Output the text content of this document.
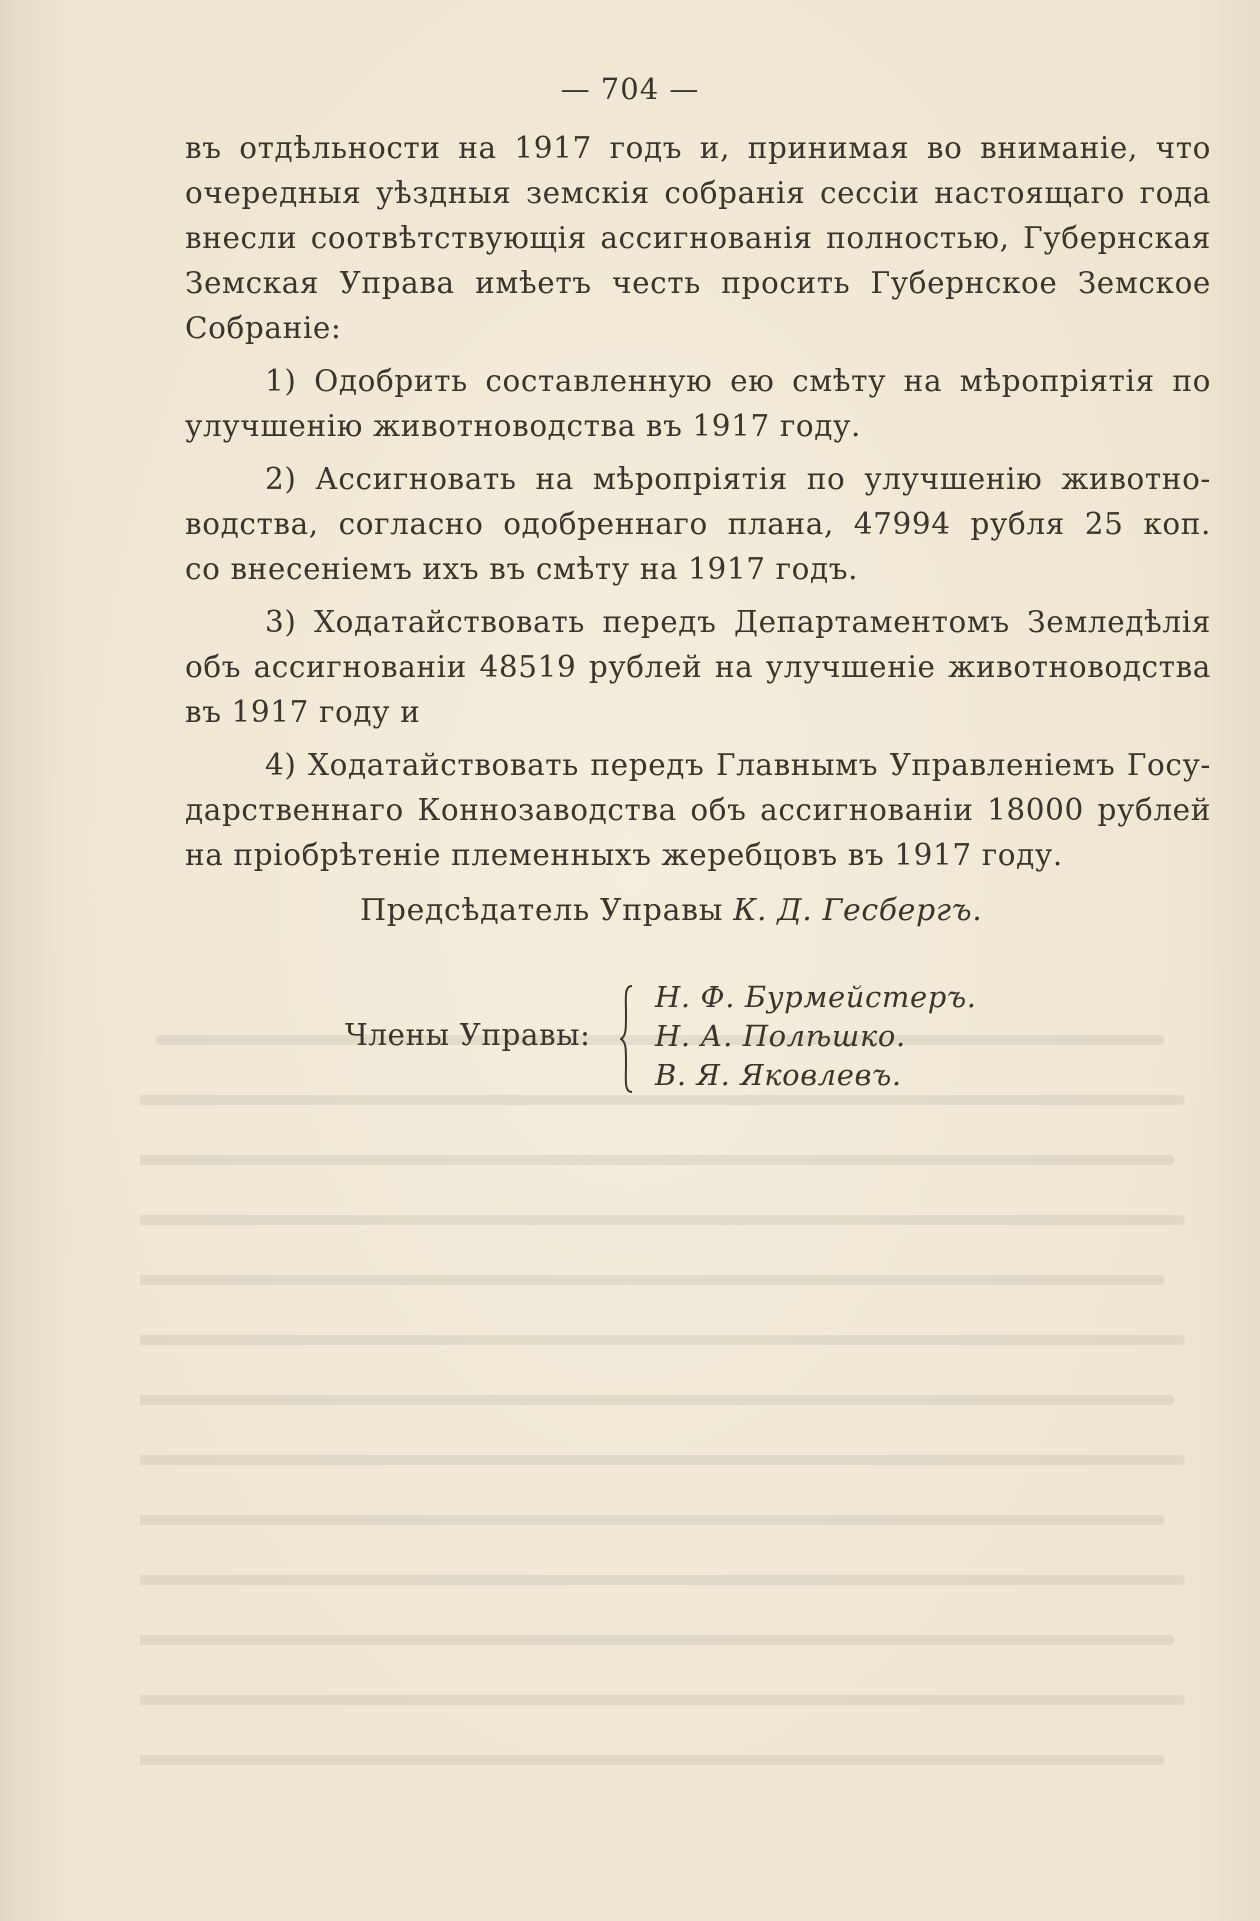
— 704 —
въ отдѣльности на 1917 годъ и, принимая во вниманіе, что
очередныя уѣздныя земскія собранія сессіи настоящаго года
внесли соотвѣтствующія ассигнованія полностью, Губернская
Земская Управа имѣетъ честь просить Губернское Земское
Собраніе:
1) Одобрить составленную ею смѣту на мѣропріятія по
улучшенію животноводства въ 1917 году.
2) Ассигновать на мѣропріятія по улучшенію животно-
водства, согласно одобреннаго плана, 47994 рубля 25 коп.
со внесеніемъ ихъ въ смѣту на 1917 годъ.
3) Ходатайствовать передъ Департаментомъ Земледѣлія
объ ассигнованіи 48519 рублей на улучшеніе животноводства
въ 1917 году и
4) Ходатайствовать передъ Главнымъ Управленіемъ Госу-
дарственнаго Коннозаводства объ ассигнованіи 18000 рублей
на пріобрѣтеніе племенныхъ жеребцовъ въ 1917 году.
Предсѣдатель Управы К. Д. Гесбергъ.
Члены Управы:
Н. Ф. Бурмейстеръ.
Н. А. Полѣшко.
В. Я. Яковлевъ.
